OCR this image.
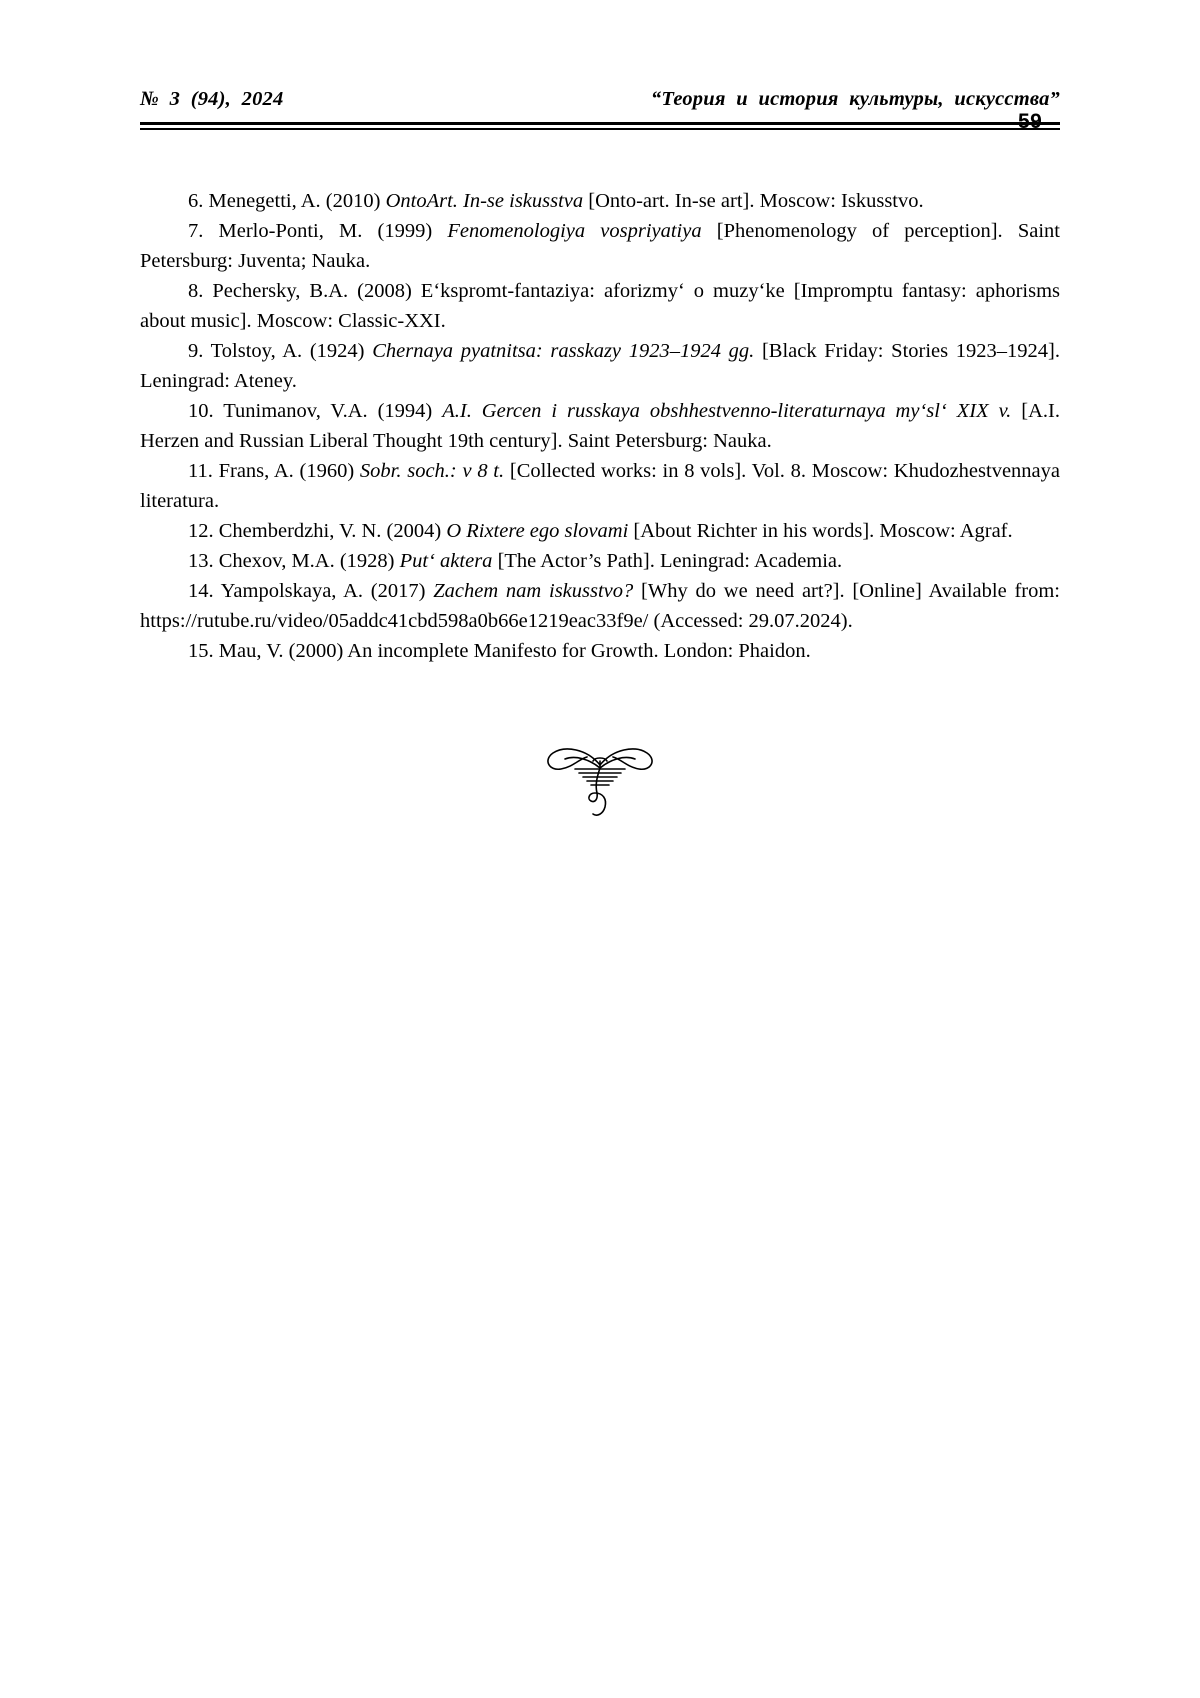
№  3  (94),  2024	“Теория  и  история  культуры,  искусства”
59

6. Menegetti, A. (2010) OntoArt. In-se iskusstva [Onto-art. In-se art]. Moscow: Iskusstvo.

7. Merlo-Ponti, M. (1999) Fenomenologiya vospriyatiya [Phenomenology of perception]. Saint Petersburg: Juventa; Nauka.

8. Pechersky, B.A. (2008) E‘kspromt-fantaziya: aforizmy‘ o muzy‘ke [Impromptu fantasy: aphorisms about music]. Moscow: Classic-XXI.

9. Tolstoy, A. (1924) Chernaya pyatnitsa: rasskazy 1923–1924 gg. [Black Friday: Stories 1923–1924]. Leningrad: Ateney.

10. Tunimanov, V.A. (1994) A.I. Gercen i russkaya obshhestvenno-literaturnaya my‘sl‘ XIX v. [A.I. Herzen and Russian Liberal Thought 19th century]. Saint Petersburg: Nauka.

11. Frans, A. (1960) Sobr. soch.: v 8 t. [Collected works: in 8 vols]. Vol. 8. Moscow: Khudozhestvennaya literatura.

12. Chemberdzhi, V. N. (2004) O Rixtere ego slovami [About Richter in his words]. Moscow: Agraf.

13. Chexov, M.A. (1928) Put‘ aktera [The Actor’s Path]. Leningrad: Academia.

14. Yampolskaya, A. (2017) Zachem nam iskusstvo? [Why do we need art?]. [Online] Available from: https://rutube.ru/video/05addc41cbd598a0b66e1219eac33f9e/ (Accessed: 29.07.2024).

15. Mau, V. (2000) An incomplete Manifesto for Growth. London: Phaidon.
